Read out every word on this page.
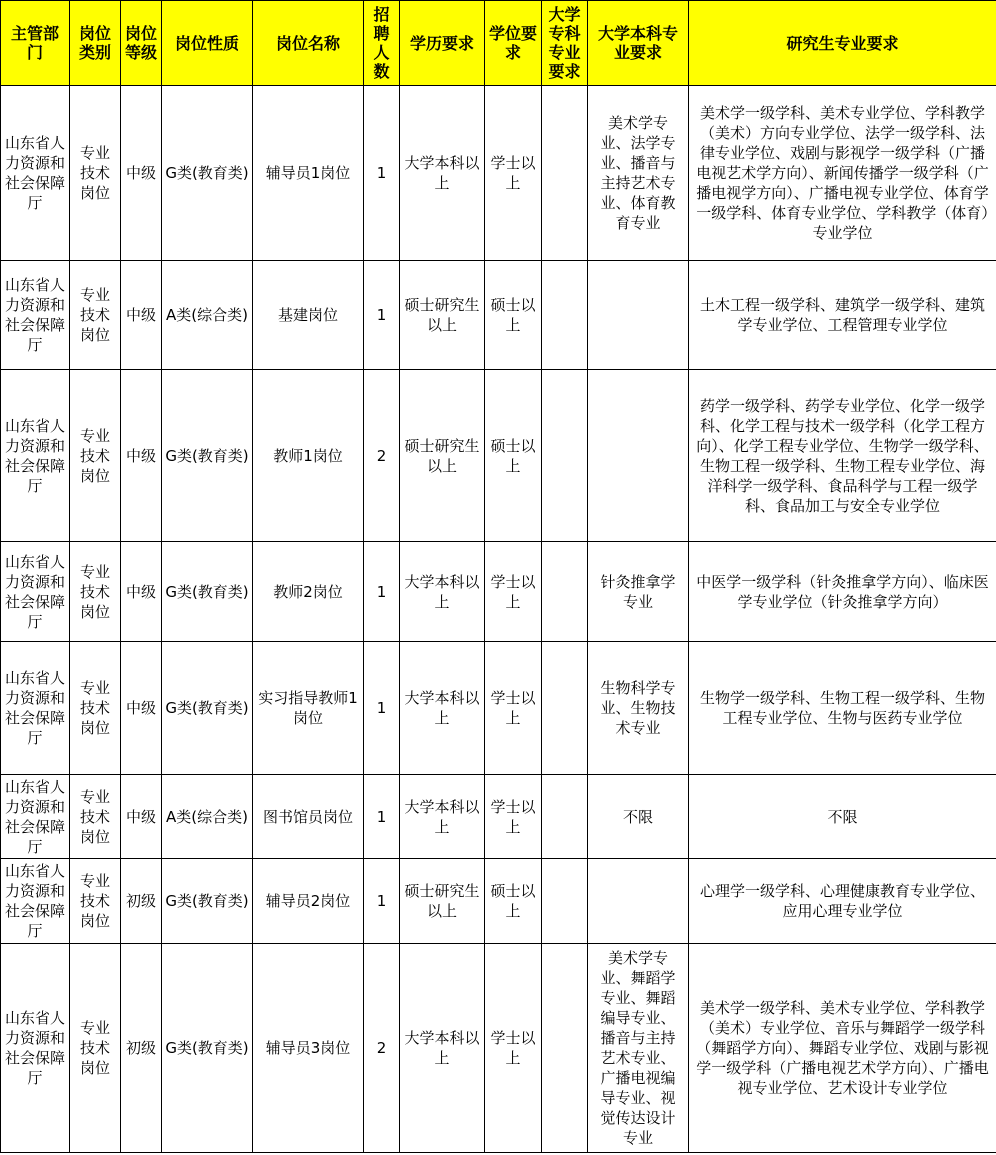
主管部门	岗位类别	岗位等级	岗位性质	岗位名称	招聘人数	学历要求	学位要求	大学专科专业要求	大学本科专业要求	研究生专业要求
山东省人力资源和社会保障厅	专业技术岗位	中级	G类(教育类)	辅导员1岗位	1	大学本科以上	学士以上		美术学专业、法学专业、播音与主持艺术专业、体育教育专业	美术学一级学科、美术专业学位、学科教学（美术）方向专业学位、法学一级学科、法律专业学位、戏剧与影视学一级学科（广播电视艺术学方向）、新闻传播学一级学科（广播电视学方向）、广播电视专业学位、体育学一级学科、体育专业学位、学科教学（体育）专业学位
山东省人力资源和社会保障厅	专业技术岗位	中级	A类(综合类)	基建岗位	1	硕士研究生以上	硕士以上			土木工程一级学科、建筑学一级学科、建筑学专业学位、工程管理专业学位
山东省人力资源和社会保障厅	专业技术岗位	中级	G类(教育类)	教师1岗位	2	硕士研究生以上	硕士以上			药学一级学科、药学专业学位、化学一级学科、化学工程与技术一级学科（化学工程方向）、化学工程专业学位、生物学一级学科、生物工程一级学科、生物工程专业学位、海洋科学一级学科、食品科学与工程一级学科、食品加工与安全专业学位
山东省人力资源和社会保障厅	专业技术岗位	中级	G类(教育类)	教师2岗位	1	大学本科以上	学士以上		针灸推拿学专业	中医学一级学科（针灸推拿学方向）、临床医学专业学位（针灸推拿学方向）
山东省人力资源和社会保障厅	专业技术岗位	中级	G类(教育类)	实习指导教师1岗位	1	大学本科以上	学士以上		生物科学专业、生物技术专业	生物学一级学科、生物工程一级学科、生物工程专业学位、生物与医药专业学位
山东省人力资源和社会保障厅	专业技术岗位	中级	A类(综合类)	图书馆员岗位	1	大学本科以上	学士以上		不限	不限
山东省人力资源和社会保障厅	专业技术岗位	初级	G类(教育类)	辅导员2岗位	1	硕士研究生以上	硕士以上			心理学一级学科、心理健康教育专业学位、应用心理专业学位
山东省人力资源和社会保障厅	专业技术岗位	初级	G类(教育类)	辅导员3岗位	2	大学本科以上	学士以上		美术学专业、舞蹈学专业、舞蹈编导专业、播音与主持艺术专业、广播电视编导专业、视觉传达设计专业	美术学一级学科、美术专业学位、学科教学（美术）专业学位、音乐与舞蹈学一级学科（舞蹈学方向）、舞蹈专业学位、戏剧与影视学一级学科（广播电视艺术学方向）、广播电视专业学位、艺术设计专业学位
